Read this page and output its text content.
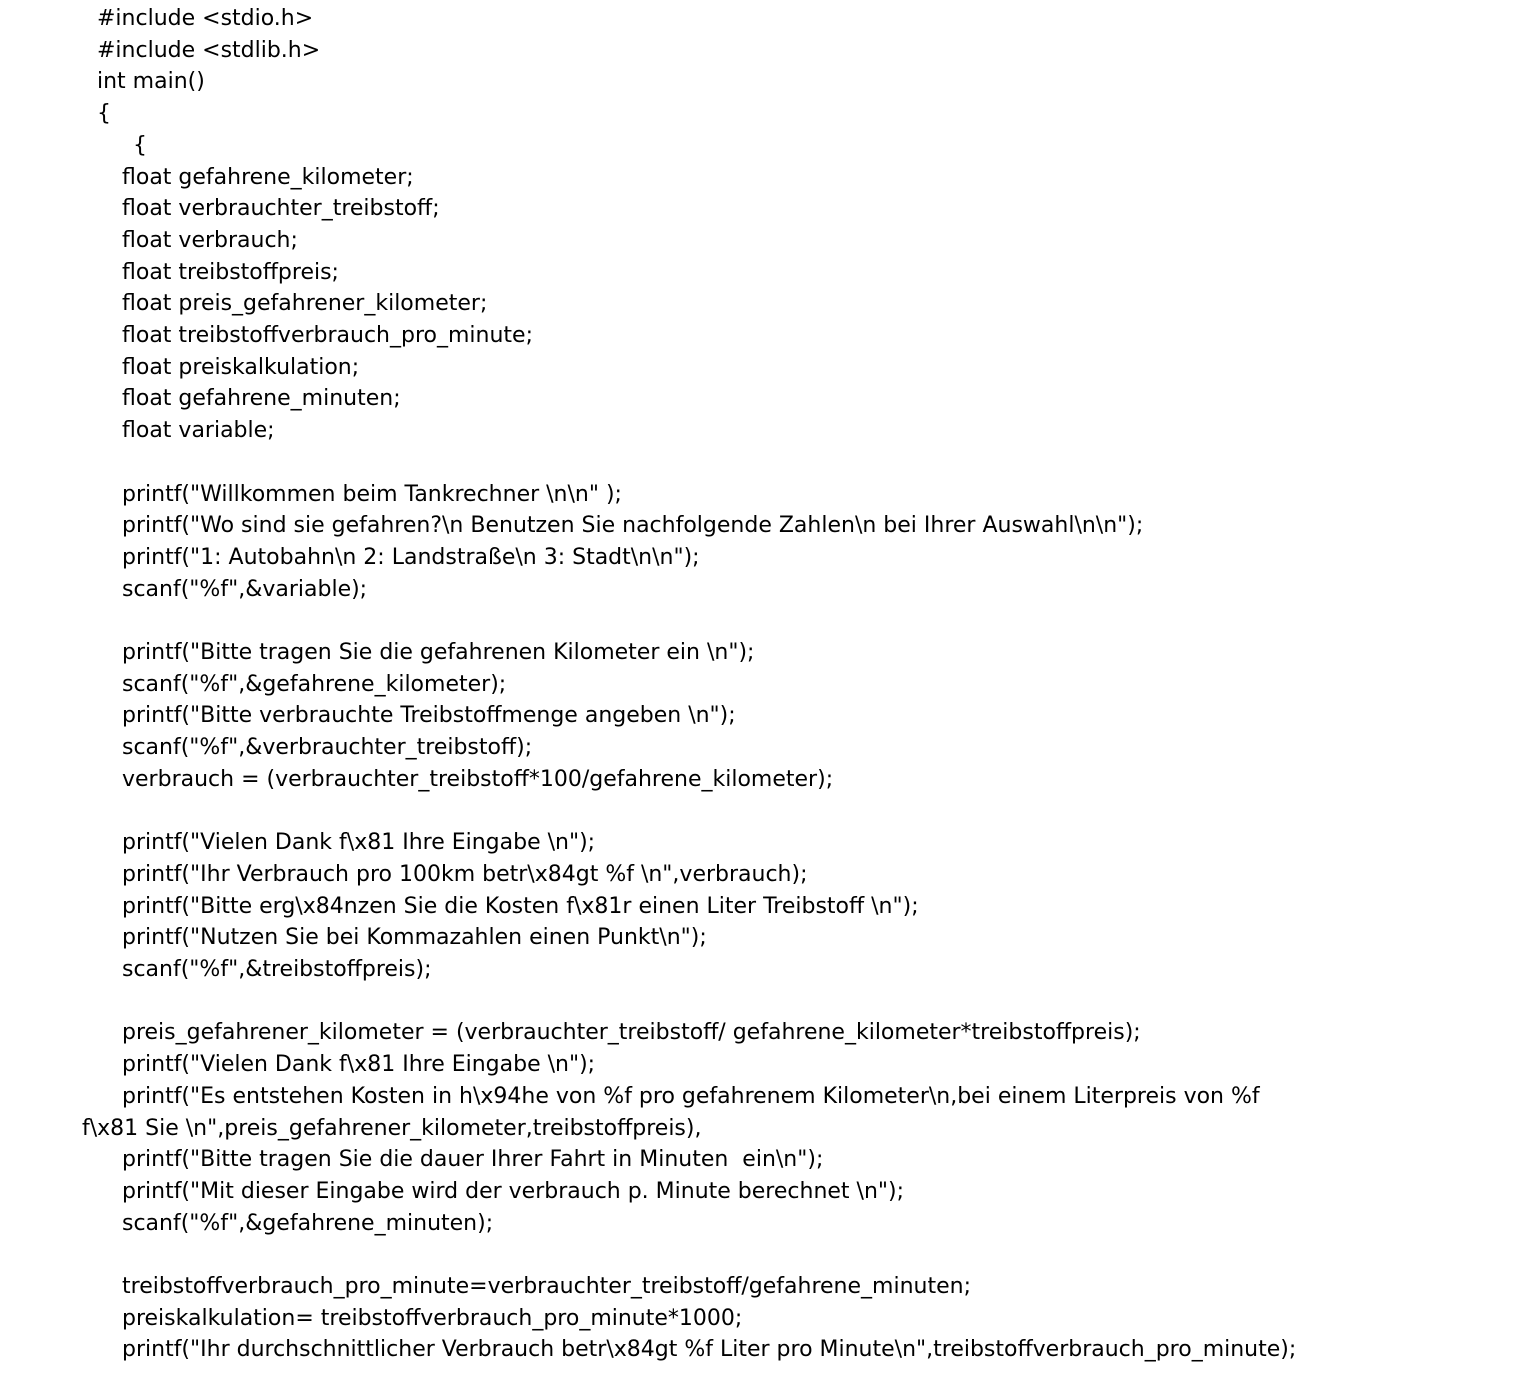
#include <stdio.h>
#include <stdlib.h>
int main()
{
{
float gefahrene_kilometer;
float verbrauchter_treibstoff;
float verbrauch;
float treibstoffpreis;
float preis_gefahrener_kilometer;
float treibstoffverbrauch_pro_minute;
float preiskalkulation;
float gefahrene_minuten;
float variable;
printf("Willkommen beim Tankrechner \n\n" );
printf("Wo sind sie gefahren?\n Benutzen Sie nachfolgende Zahlen\n bei Ihrer Auswahl\n\n");
printf("1: Autobahn\n 2: Landstraße\n 3: Stadt\n\n");
scanf("%f",&variable);
printf("Bitte tragen Sie die gefahrenen Kilometer ein \n");
scanf("%f",&gefahrene_kilometer);
printf("Bitte verbrauchte Treibstoffmenge angeben \n");
scanf("%f",&verbrauchter_treibstoff);
verbrauch = (verbrauchter_treibstoff*100/gefahrene_kilometer);
printf("Vielen Dank f\x81 Ihre Eingabe \n");
printf("Ihr Verbrauch pro 100km betr\x84gt %f \n",verbrauch);
printf("Bitte erg\x84nzen Sie die Kosten f\x81r einen Liter Treibstoff \n");
printf("Nutzen Sie bei Kommazahlen einen Punkt\n");
scanf("%f",&treibstoffpreis);
preis_gefahrener_kilometer = (verbrauchter_treibstoff/ gefahrene_kilometer*treibstoffpreis);
printf("Vielen Dank f\x81 Ihre Eingabe \n");
printf("Es entstehen Kosten in h\x94he von %f pro gefahrenem Kilometer\n,bei einem Literpreis von %f
f\x81 Sie \n",preis_gefahrener_kilometer,treibstoffpreis),
printf("Bitte tragen Sie die dauer Ihrer Fahrt in Minuten  ein\n");
printf("Mit dieser Eingabe wird der verbrauch p. Minute berechnet \n");
scanf("%f",&gefahrene_minuten);
treibstoffverbrauch_pro_minute=verbrauchter_treibstoff/gefahrene_minuten;
preiskalkulation= treibstoffverbrauch_pro_minute*1000;
printf("Ihr durchschnittlicher Verbrauch betr\x84gt %f Liter pro Minute\n",treibstoffverbrauch_pro_minute);
